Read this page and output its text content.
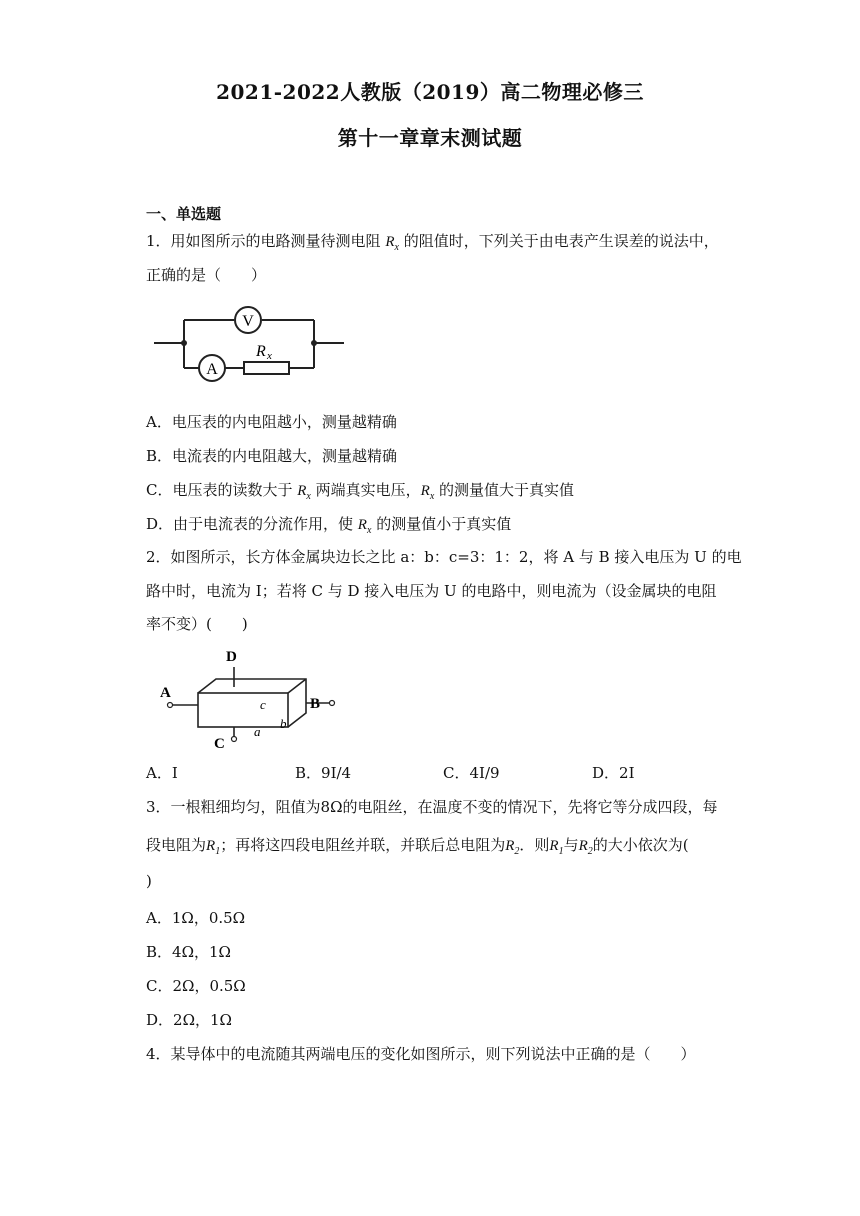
2021-2022人教版（2019）高二物理必修三
第十一章章末测试题
一、单选题
1．用如图所示的电路测量待测电阻 $R_x$ 的阻值时，下列关于由电表产生误差的说法中，
正确的是（　　）
V
A
R x
A．电压表的内电阻越小，测量越精确
B．电流表的内电阻越大，测量越精确
C．电压表的读数大于 $R_x$ 两端真实电压，$R_x$ 的测量值大于真实值
D．由于电流表的分流作用，使 $R_x$ 的测量值小于真实值
2．如图所示，长方体金属块边长之比 a：b：c=3：1：2，将 A 与 B 接入电压为 U 的电
路中时，电流为 I；若将 C 与 D 接入电压为 U 的电路中，则电流为（设金属块的电阻
率不变）(　　)
D
A
B
C
c
a
b
A．I	B．9I/4	C．4I/9	D．2I
3．一根粗细均匀，阻值为8Ω的电阻丝，在温度不变的情况下，先将它等分成四段，每
段电阻为$R_1$；再将这四段电阻丝并联，并联后总电阻为$R_2$．则$R_1$与$R_2$的大小依次为(
)
A．1Ω，0.5Ω
B．4Ω，1Ω
C．2Ω，0.5Ω
D．2Ω，1Ω
4．某导体中的电流随其两端电压的变化如图所示，则下列说法中正确的是（　　）
